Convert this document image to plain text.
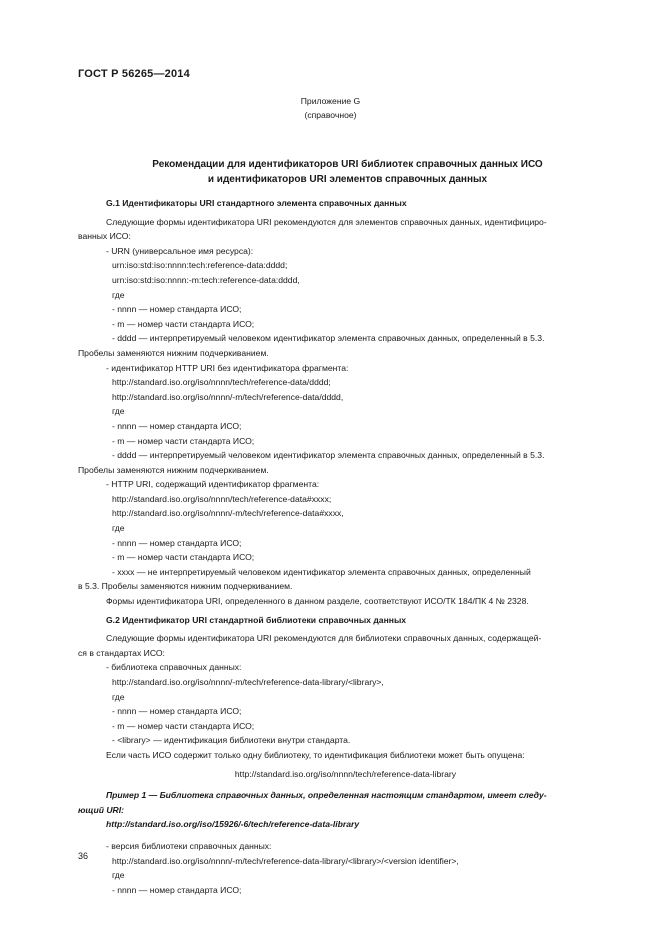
ГОСТ Р 56265—2014
Приложение G
(справочное)
Рекомендации для идентификаторов URI библиотек справочных данных ИСО
и идентификаторов URI элементов справочных данных

G.1 Идентификаторы URI стандартного элемента справочных данных

Следующие формы идентификатора URI рекомендуются для элементов справочных данных, идентифициро-

ванных ИСО:

- URN (универсальное имя ресурса):

urn:iso:std:iso:nnnn:tech:reference-data:dddd;

urn:iso:std:iso:nnnn:-m:tech:reference-data:dddd,

где

- nnnn — номер стандарта ИСО;

- m — номер части стандарта ИСО;

- dddd — интерпретируемый человеком идентификатор элемента справочных данных, определенный в 5.3.

Пробелы заменяются нижним подчеркиванием.

- идентификатор HTTP URI без идентификатора фрагмента:

http://standard.iso.org/iso/nnnn/tech/reference-data/dddd;

http://standard.iso.org/iso/nnnn/-m/tech/reference-data/dddd,

где

- nnnn — номер стандарта ИСО;

- m — номер части стандарта ИСО;

- dddd — интерпретируемый человеком идентификатор элемента справочных данных, определенный в 5.3.

Пробелы заменяются нижним подчеркиванием.

- HTTP URI, содержащий идентификатор фрагмента:

http://standard.iso.org/iso/nnnn/tech/reference-data#xxxx;

http://standard.iso.org/iso/nnnn/-m/tech/reference-data#xxxx,

где

- nnnn — номер стандарта ИСО;

- m — номер части стандарта ИСО;

- xxxx — не интерпретируемый человеком идентификатор элемента справочных данных, определенный

в 5.3. Пробелы заменяются нижним подчеркиванием.

Формы идентификатора URI, определенного в данном разделе, соответствуют ИСО/ТК 184/ПК 4 № 2328.

G.2 Идентификатор URI стандартной библиотеки справочных данных

Следующие формы идентификатора URI рекомендуются для библиотеки справочных данных, содержащей-

ся в стандартах ИСО:

- библиотека справочных данных:

http://standard.iso.org/iso/nnnn/-m/tech/reference-data-library/<library>,

где

- nnnn — номер стандарта ИСО;

- m — номер части стандарта ИСО;

- <library> — идентификация библиотеки внутри стандарта.

Если часть ИСО содержит только одну библиотеку, то идентификация библиотеки может быть опущена:

http://standard.iso.org/iso/nnnn/tech/reference-data-library

Пример 1 — Библиотека справочных данных, определенная настоящим стандартом, имеет следу-

ющий URI:

http://standard.iso.org/iso/15926/-6/tech/reference-data-library

- версия библиотеки справочных данных:

http://standard.iso.org/iso/nnnn/-m/tech/reference-data-library/<library>/<version identifier>,

где

- nnnn — номер стандарта ИСО;

36
